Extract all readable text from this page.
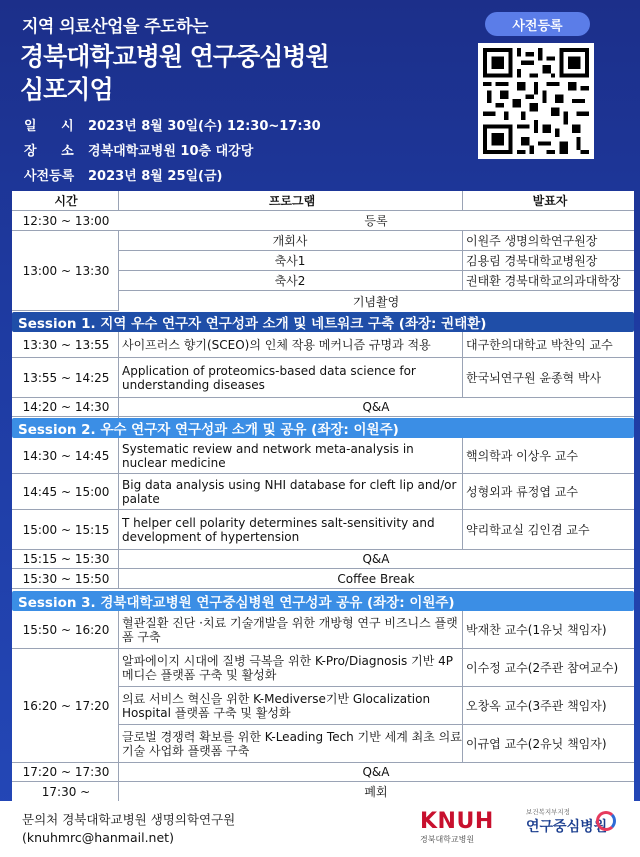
지역 의료산업을 주도하는
경북대학교병원 연구중심병원
심포지엄
일 시 2023년 8월 30일(수) 12:30~17:30
장 소 경북대학교병원 10층 대강당
사전등록	2023년 8월 25일(금)
사전등록
시간	프로그램	발표자
12:30 ~ 13:00	등록
13:00 ~ 13:30
개회사	이원주 생명의학연구원장
축사1	김용림 경북대학교병원장
축사2	권태환 경북대학교의과대학장
기념촬영
Session 1. 지역 우수 연구자 연구성과 소개 및 네트워크 구축 (좌장: 권태환)
13:30 ~ 13:55	사이프러스 향기(SCEO)의 인체 작용 메커니즘 규명과 적용	대구한의대학교 박찬익 교수
13:55 ~ 14:25	Application of proteomics-based data science for understanding diseases	한국뇌연구원 윤종혁 박사
14:20 ~ 14:30	Q&A
Session 2. 우수 연구자 연구성과 소개 및 공유 (좌장: 이원주)
14:30 ~ 14:45	Systematic review and network meta-analysis in nuclear medicine	핵의학과 이상우 교수
14:45 ~ 15:00	Big data analysis using NHI database for cleft lip and/or palate	성형외과 류정엽 교수
15:00 ~ 15:15	T helper cell polarity determines salt-sensitivity and development of hypertension	약리학교실 김인겸 교수
15:15 ~ 15:30	Q&A
15:30 ~ 15:50	Coffee Break
Session 3. 경북대학교병원 연구중심병원 연구성과 공유 (좌장: 이원주)
15:50 ~ 16:20	혈관질환 진단 ·치료 기술개발을 위한 개방형 연구 비즈니스 플랫폼 구축	박재찬 교수(1유닛 책임자)
16:20 ~ 17:20
알파에이지 시대에 질병 극복을 위한 K-Pro/Diagnosis 기반 4P 메디슨 플랫폼 구축 및 활성화	이수정 교수(2주관 참여교수)
의료 서비스 혁신을 위한 K-Mediverse기반 Glocalization Hospital 플랫폼 구축 및 활성화	오창옥 교수(3주관 책임자)
글로벌 경쟁력 확보를 위한 K-Leading Tech 기반 세계 최초 의료기술 사업화 플랫폼 구축	이규엽 교수(2유닛 책임자)
17:20 ~ 17:30	Q&A
17:30 ~	폐회
문의처 경북대학교병원 생명의학연구원
(knuhmrc@hanmail.net)
KNUH
경북대학교병원
보건복지부지정
연구중심병원
